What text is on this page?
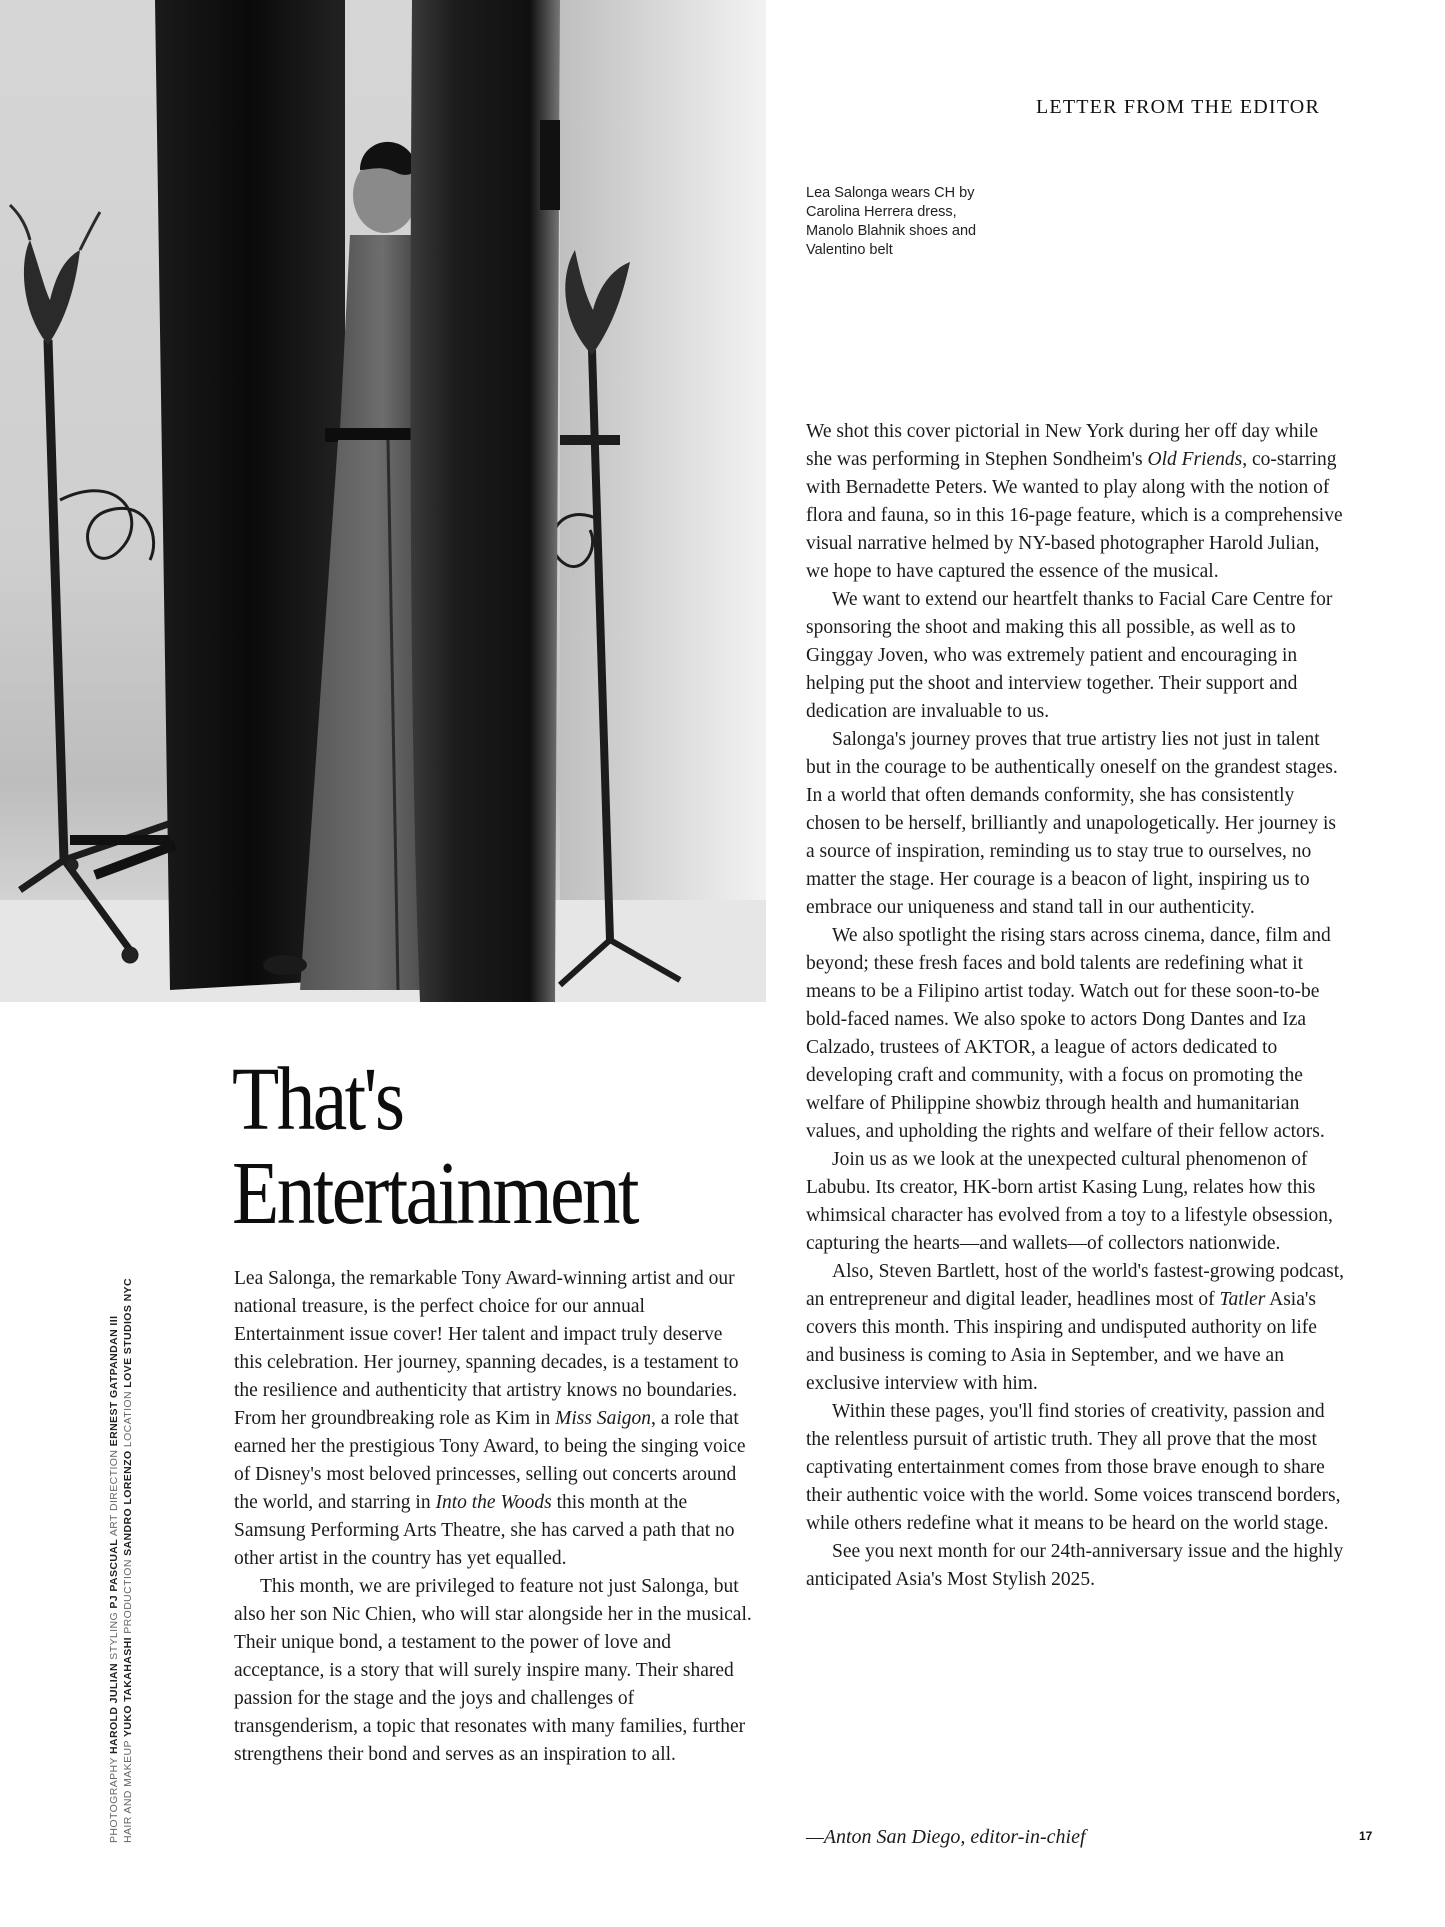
LETTER FROM THE EDITOR
Lea Salonga wears CH by Carolina Herrera dress, Manolo Blahnik shoes and Valentino belt
That's
Entertainment
PHOTOGRAPHY HAROLD JULIAN STYLING PJ PASCUAL ART DIRECTION ERNEST GATPANDAN III
HAIR AND MAKEUP YUKO TAKAHASHI PRODUCTION SANDRO LORENZO LOCATION LOVE STUDIOS NYC	Lea Salonga, the remarkable Tony Award-winning artist and our national treasure, is the perfect choice for our annual Entertainment issue cover! Her talent and impact truly deserve this celebration. Her journey, spanning decades, is a testament to the resilience and authenticity that artistry knows no boundaries. From her groundbreaking role as Kim in Miss Saigon, a role that earned her the prestigious Tony Award, to being the singing voice of Disney's most beloved princesses, selling out concerts around the world, and starring in Into the Woods this month at the Samsung Performing Arts Theatre, she has carved a path that no other artist in the country has yet equalled.

This month, we are privileged to feature not just Salonga, but also her son Nic Chien, who will star alongside her in the musical. Their unique bond, a testament to the power of love and acceptance, is a story that will surely inspire many. Their shared passion for the stage and the joys and challenges of transgenderism, a topic that resonates with many families, further strengthens their bond and serves as an inspiration to all.

We shot this cover pictorial in New York during her off day while she was performing in Stephen Sondheim's Old Friends, co-starring with Bernadette Peters. We wanted to play along with the notion of flora and fauna, so in this 16-page feature, which is a comprehensive visual narrative helmed by NY-based photographer Harold Julian, we hope to have captured the essence of the musical.

We want to extend our heartfelt thanks to Facial Care Centre for sponsoring the shoot and making this all possible, as well as to Ginggay Joven, who was extremely patient and encouraging in helping put the shoot and interview together. Their support and dedication are invaluable to us.

Salonga's journey proves that true artistry lies not just in talent but in the courage to be authentically oneself on the grandest stages. In a world that often demands conformity, she has consistently chosen to be herself, brilliantly and unapologetically. Her journey is a source of inspiration, reminding us to stay true to ourselves, no matter the stage. Her courage is a beacon of light, inspiring us to embrace our uniqueness and stand tall in our authenticity.

We also spotlight the rising stars across cinema, dance, film and beyond; these fresh faces and bold talents are redefining what it means to be a Filipino artist today. Watch out for these soon-to-be bold-faced names. We also spoke to actors Dong Dantes and Iza Calzado, trustees of AKTOR, a league of actors dedicated to developing craft and community, with a focus on promoting the welfare of Philippine showbiz through health and humanitarian values, and upholding the rights and welfare of their fellow actors.

Join us as we look at the unexpected cultural phenomenon of Labubu. Its creator, HK-born artist Kasing Lung, relates how this whimsical character has evolved from a toy to a lifestyle obsession, capturing the hearts—and wallets—of collectors nationwide.

Also, Steven Bartlett, host of the world's fastest-growing podcast, an entrepreneur and digital leader, headlines most of Tatler Asia's covers this month. This inspiring and undisputed authority on life and business is coming to Asia in September, and we have an exclusive interview with him.

Within these pages, you'll find stories of creativity, passion and the relentless pursuit of artistic truth. They all prove that the most captivating entertainment comes from those brave enough to share their authentic voice with the world. Some voices transcend borders, while others redefine what it means to be heard on the world stage.

See you next month for our 24th-anniversary issue and the highly anticipated Asia's Most Stylish 2025.

—Anton San Diego, editor-in-chief	17
